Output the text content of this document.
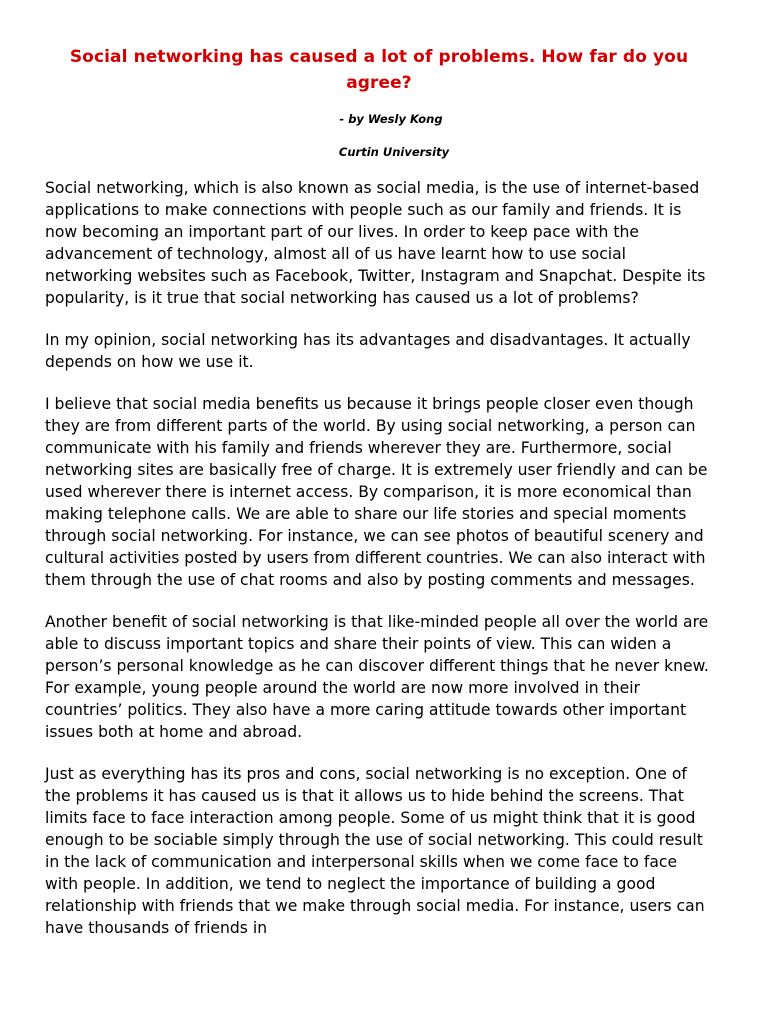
Social networking has caused a lot of problems. How far do you agree?

- by Wesly Kong

Curtin University

Social networking, which is also known as social media, is the use of internet-based applications to make connections with people such as our family and friends. It is now becoming an important part of our lives. In order to keep pace with the advancement of technology, almost all of us have learnt how to use social networking websites such as Facebook, Twitter, Instagram and Snapchat. Despite its popularity, is it true that social networking has caused us a lot of problems?

In my opinion, social networking has its advantages and disadvantages. It actually depends on how we use it.

I believe that social media benefits us because it brings people closer even though they are from different parts of the world. By using social networking, a person can communicate with his family and friends wherever they are. Furthermore, social networking sites are basically free of charge. It is extremely user friendly and can be used wherever there is internet access. By comparison, it is more economical than making telephone calls. We are able to share our life stories and special moments through social networking. For instance, we can see photos of beautiful scenery and cultural activities posted by users from different countries. We can also interact with them through the use of chat rooms and also by posting comments and messages.

Another benefit of social networking is that like-minded people all over the world are able to discuss important topics and share their points of view. This can widen a person’s personal knowledge as he can discover different things that he never knew. For example, young people around the world are now more involved in their countries’ politics. They also have a more caring attitude towards other important issues both at home and abroad.

Just as everything has its pros and cons, social networking is no exception. One of the problems it has caused us is that it allows us to hide behind the screens. That limits face to face interaction among people. Some of us might think that it is good enough to be sociable simply through the use of social networking. This could result in the lack of communication and interpersonal skills when we come face to face with people. In addition, we tend to neglect the importance of building a good relationship with friends that we make through social media. For instance, users can have thousands of friends in
